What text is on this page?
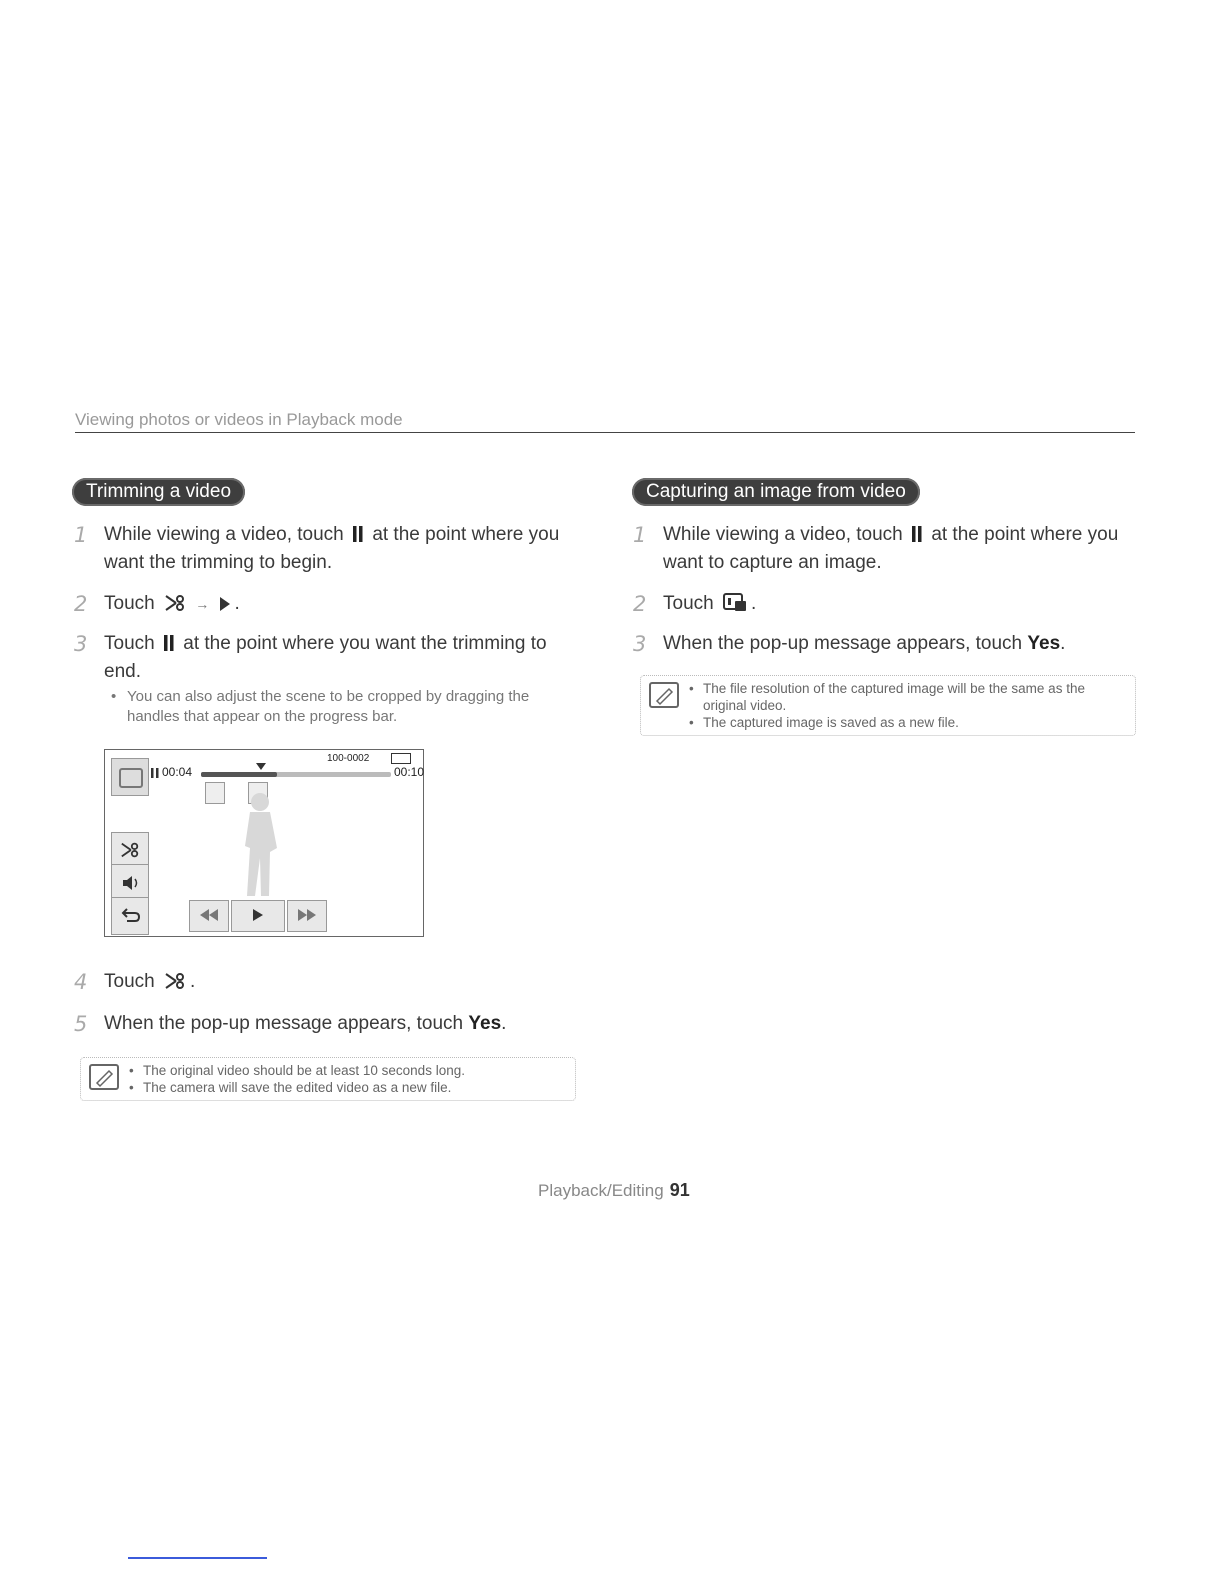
Viewing photos or videos in Playback mode
Trimming a video
1 While viewing a video, touch at the point where you
want the trimming to begin.
2 Touch	→ .
3 Touch at the point where you want the trimming to
end.
• You can also adjust the scene to be cropped by dragging the
handles that appear on the progress bar.
00:04
100-0002
00:10
4 Touch .
5 When the pop-up message appears, touch Yes.
• The original video should be at least 10 seconds long.
• The camera will save the edited video as a new file.
Capturing an image from video
1 While viewing a video, touch at the point where you
want to capture an image.
2 Touch .
3 When the pop-up message appears, touch Yes.
• The file resolution of the captured image will be the same as the
original video.
• The captured image is saved as a new file.
Playback/Editing 91
